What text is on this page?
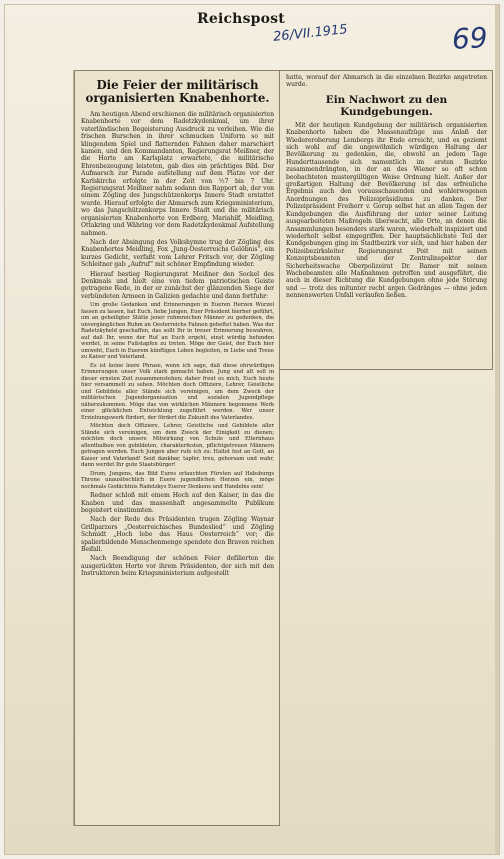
Reichspost
26/VII.1915	69
Die Feier der militärisch
organisierten Knabenhorte.

Am heutigen Abend erschienen die militärisch organisierten Knabenhorte vor dem Radetzkydenkmal, um ihrer vaterländischen Begeisterung Ausdruck zu verleihen. Wie die frischen Burschen in ihrer schmucken Uniform so mit klingendem Spiel und flatternden Fahnen daher marschiert kamen, und den Kommandanten, Regierungsrat Meißner, der die Horte am Karlsplatz erwartete, die militärische Ehrenbezeugung leisteten, gab dies ein prächtiges Bild. Der Aufmarsch zur Parade aufstellung auf dem Platze vor der Karlskirche erfolgte in der Zeit von ½7 bis 7 Uhr. Regierungsrat Meißner nahm sodann den Rapport ab, der von einem Zögling des Jungschützenkorps Innere Stadt erstattet wurde. Hierauf erfolgte der Abmarsch zum Kriegsministerium, wo das Jungschützenkorps Innere Stadt und die militärisch organisierten Knabenhorte von Erdberg, Mariahilf, Meidling, Ottakring und Währing vor dem Radetzkydenkmal Aufstellung nahmen.

Nach der Absingung des Volkshymne trug der Zögling des Knabenhortes Meidling, Fox „Jung-Oesterreichs Gelöbnis“, ein kurzes Gedicht, verfaßt vom Lehrer Fritsch vor, der Zögling Schleitner gab „Aufruf“ mit schöner Empfindung wieder.

Hierauf bestieg Regierungsrat Meißner den Sockel des Denkmals und hielt eine von tiefem patriotischen Geiste getragene Rede, in der er zunächst der glänzenden Siege der verbündeten Armeen in Galizien gedachte und dann fortfuhr:

Um große Gedanken und Erinnerungen in Eueren Herzen Wurzel fassen zu lassen, hat Euch, liebe Jungen, Euer Präsident hierher geführt, um an geheiligter Stätte jener ruhmreichen Männer zu gedenken, die unvergänglichen Ruhm an Oesterreichs Fahnen geheftet haben. Was der Radetzkyheld geschaffen, das sollt Ihr in treuer Erinnerung bewahren, auf daß Ihr, wenn der Ruf an Euch ergeht, einst würdig befunden werdet, in seine Fußstapfen zu treten. Möge der Geist, der Euch hier umweht, Euch in Euerem künftigen Leben begleiten, in Liebe und Treue zu Kaiser und Vaterland.

Es ist keine leere Phrase, wenn ich sage, daß diese ehrwürdigen Erinnerungen unser Volk stark gemacht haben. Jung und alt soll in dieser ernsten Zeit zusammenstehen; daher freut es mich, Euch heute hier versammelt zu sehen. Möchten doch Offiziere, Lehrer, Geistliche und Gebildete aller Stände sich vereinigen, um dem Zweck der militärischen Jugendorganisation und sozialen Jugendpflege näherzukommen. Möge das von wirklichen Männern begonnene Werk einer glücklichen Entwicklung zugeführt werden. Wer unser Erziehungswerk fördert, der fördert die Zukunft des Vaterlandes.

Möchten doch Offiziere, Lehrer, Geistliche und Gebildete aller Stände sich vereinigen, um dem Zweck der Einigkeit zu dienen; möchten doch unsere Mitwirkung von Schule und Elternhaus allenthalben von gebildeten, charakterfesten, pflichtgetreuen Männern getragen werden. Euch Jungen aber rufe ich zu: Haltet fest an Gott, an Kaiser und Vaterland! Seid dankbar, tapfer, treu, gehorsam und wahr, dann werdet Ihr gute Staatsbürger!

Drum, Jungens, das Bild Eures erlauchten Fürsten auf Habsburgs Throne unauslöschlich in Euere jugendlichen Herzen ein, möge nochmals Gedächtnis Radetzkys Euerer Denkens und Handelns sein!

Redner schloß mit einem Hoch auf den Kaiser, in das die Knaben und das massenhaft angesammelte Publikum begeistert einstimmten.

Nach der Rede des Präsidenten trugen Zögling Waynar Grillparzers „Oesterreichisches Bundeslied“ und Zögling Schmidt „Hoch lebe das Haus Oesterreich“ vor; die spalierbildende Menschenmenge spendete den Braven reichen Beifall.

Nach Beendigung der schönen Feier defilierten die ausgerückten Horte vor ihrem Präsidenten, der sich mit den Instruktoren beim Kriegsministerium aufgestellt

hatte, worauf der Abmarsch in die einzelnen Bezirke angetreten wurde.

Ein Nachwort zu den Kundgebungen.

Mit der heutigen Kundgebung der militärisch organisierten Knabenhorte haben die Massenaufzüge aus Anlaß der Wiedereroberung Lembergs ihr Ende erreicht, und es geziemt sich wohl auf die ungewöhnlich würdigen Haltung der Bevölkerung zu gedenken, die, obwohl an jedem Tage Hunderttausende sich namentlich im ersten Bezirke zusammendrängten, in der an des Wiener so oft schon beobachteten mustergültigen Weise Ordnung hielt. Außer der großartigen Haltung der Bevölkerung ist das erfreuliche Ergebnis auch den vorausschauenden und wohlerwogenen Anordnungen des Polizeipräsidiums zu danken. Der Polizeipräsident Freiherr v. Gorup selbst hat an allen Tagen der Kundgebungen die Ausführung der unter seiner Leitung ausgearbeiteten Maßregeln überwacht, alle Orte, an denen die Ansammlungen besonders stark waren, wiederholt inspiziert und wiederholt selbst eingegriffen. Der hauptsächlichste Teil der Kundgebungen ging im Stadtbezirk vor sich, und hier haben der Polizeibezirksleiter Regierungsrat Poit mit seinen Konzeptsbeamten und der Zentralinspektor der Sicherheitswache Oberpolizeirat Dr. Bamer mit seinen Wachebeamten alle Maßnahmen getroffen und ausgeführt, die auch in dieser Richtung die Kundgebungen ohne jede Störung und — trotz des mitunter recht argen Gedränges — ohne jeden nennenswerten Unfall verlaufen ließen.
